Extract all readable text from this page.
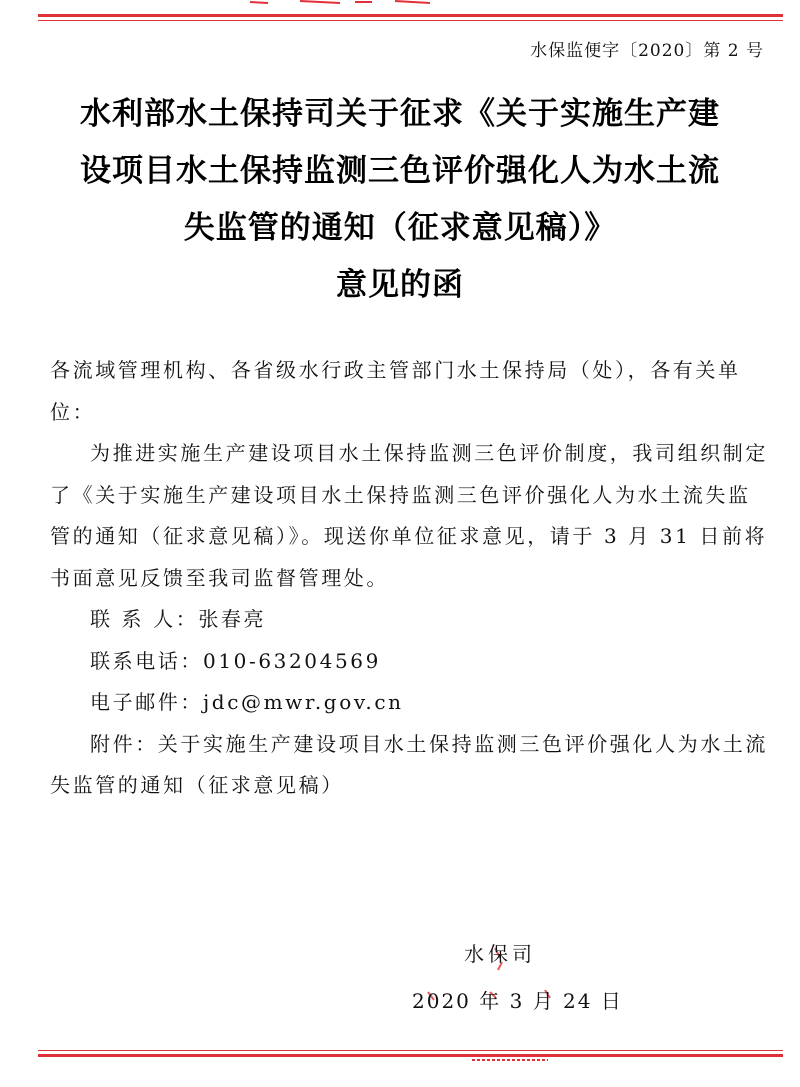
水保监便字〔2020〕第 2 号
水利部水土保持司关于征求《关于实施生产建
设项目水土保持监测三色评价强化人为水土流
失监管的通知（征求意见稿）》
意见的函

各流域管理机构、各省级水行政主管部门水土保持局（处），各有关单位：

为推进实施生产建设项目水土保持监测三色评价制度，我司组织制定了《关于实施生产建设项目水土保持监测三色评价强化人为水土流失监管的通知（征求意见稿）》。现送你单位征求意见，请于 3 月 31 日前将书面意见反馈至我司监督管理处。

联 系 人：张春亮

联系电话：010-63204569

电子邮件：jdc@mwr.gov.cn

附件：关于实施生产建设项目水土保持监测三色评价强化人为水土流失监管的通知（征求意见稿）

水保司
2020 年 3 月 24 日
